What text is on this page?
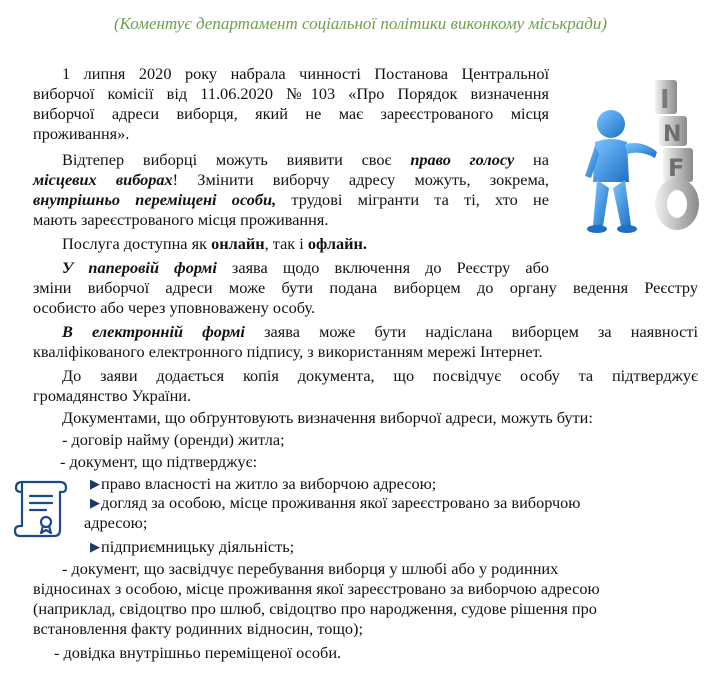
(Коментує департамент соціальної політики виконкому міськради)
1 липня 2020 року набрала чинності Постанова Центральної
виборчої комісії від 11.06.2020 №103 «Про Порядок визначення
виборчої адреси виборця, який не має зареєстрованого місця
проживання».
Відтепер виборці можуть виявити своє право голосу на
місцевих виборах! Змінити виборчу адресу можуть, зокрема,
внутрішньо переміщені особи, трудові мігранти та ті, хто не
мають зареєстрованого місця проживання.
Послуга доступна як онлайн, так і офлайн.
У паперовій формі заява щодо включення до Реєстру або
зміни виборчої адреси може бути подана виборцем до органу ведення Реєстру
особисто або через уповноважену особу.
В електронній формі заява може бути надіслана виборцем за наявності
кваліфікованого електронного підпису, з використанням мережі Інтернет.
До заяви додається копія документа, що посвідчує особу та підтверджує
громадянство України.
Документами, що обґрунтовують визначення виборчої адреси, можуть бути:
- договір найму (оренди) житла;
- документ, що підтверджує:
▶ право власності на житло за виборчою адресою;
▶ догляд за особою, місце проживання якої зареєстровано за виборчою
адресою;
▶ підприємницьку діяльність;
- документ, що засвідчує перебування виборця у шлюбі або у родинних
відносинах з особою, місце проживання якої зареєстровано за виборчою адресою
(наприклад, свідоцтво про шлюб, свідоцтво про народження, судове рішення про
встановлення факту родинних відносин, тощо);
- довідка внутрішньо переміщеної особи.
I
N
F
